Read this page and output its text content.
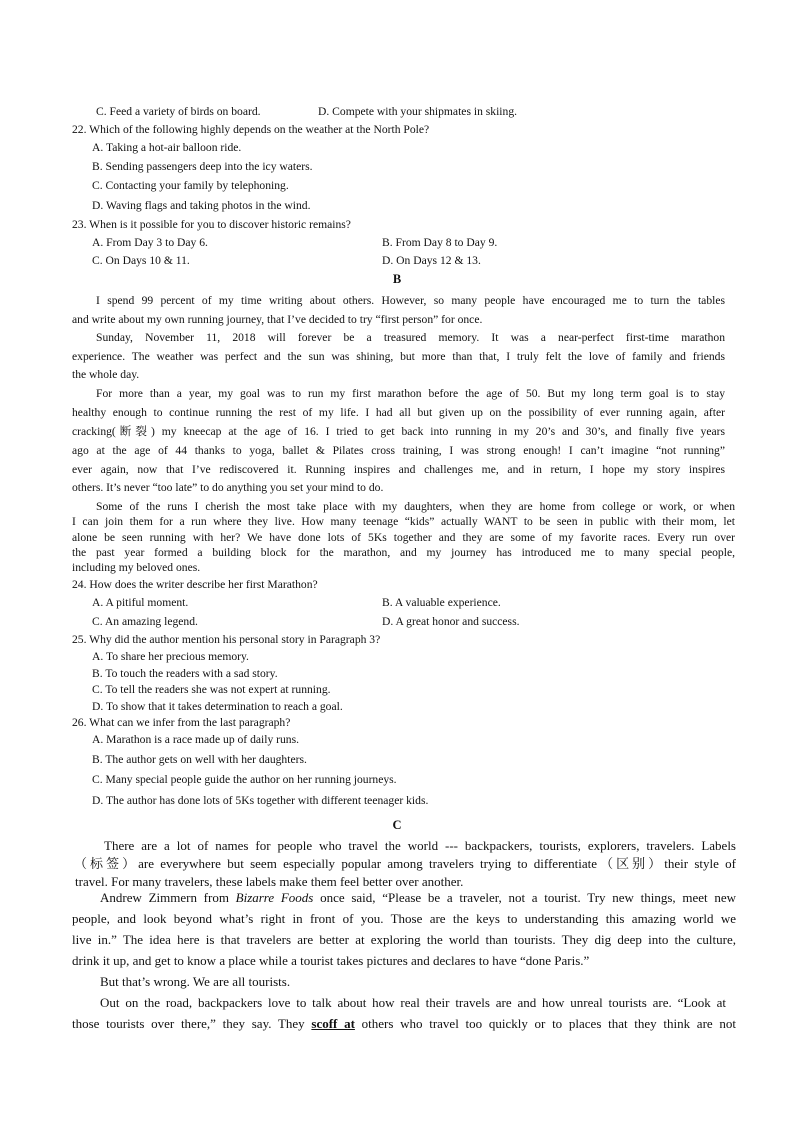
C. Feed a variety of birds on board.	D. Compete with your shipmates in skiing.
22. Which of the following highly depends on the weather at the North Pole?
A. Taking a hot-air balloon ride.
B. Sending passengers deep into the icy waters.
C. Contacting your family by telephoning.
D. Waving flags and taking photos in the wind.
23. When is it possible for you to discover historic remains?
A. From Day 3 to Day 6.	B. From Day 8 to Day 9.
C. On Days 10 & 11.	D. On Days 12 & 13.
B
I spend 99 percent of my time writing about others. However, so many people have encouraged me to turn the tables
and write about my own running journey, that I’ve decided to try “first person” for once.
Sunday, November 11, 2018 will forever be a treasured memory. It was a near-perfect first-time marathon
experience. The weather was perfect and the sun was shining, but more than that, I truly felt the love of family and friends
the whole day.
For more than a year, my goal was to run my first marathon before the age of 50. But my long term goal is to stay
healthy enough to continue running the rest of my life. I had all but given up on the possibility of ever running again, after
cracking(断裂) my kneecap at the age of 16. I tried to get back into running in my 20’s and 30’s, and finally five years
ago at the age of 44 thanks to yoga, ballet & Pilates cross training, I was strong enough! I can’t imagine “not running”
ever again, now that I’ve rediscovered it. Running inspires and challenges me, and in return, I hope my story inspires
others. It’s never “too late” to do anything you set your mind to do.
Some of the runs I cherish the most take place with my daughters, when they are home from college or work, or when
I can join them for a run where they live. How many teenage “kids” actually WANT to be seen in public with their mom, let
alone be seen running with her? We have done lots of 5Ks together and they are some of my favorite races. Every run over
the past year formed a building block for the marathon, and my journey has introduced me to many special people,
including my beloved ones.
24. How does the writer describe her first Marathon?
A. A pitiful moment.	B. A valuable experience.
C. An amazing legend.	D. A great honor and success.
25. Why did the author mention his personal story in Paragraph 3?
A. To share her precious memory.
B. To touch the readers with a sad story.
C. To tell the readers she was not expert at running.
D. To show that it takes determination to reach a goal.
26. What can we infer from the last paragraph?
A. Marathon is a race made up of daily runs.
B. The author gets on well with her daughters.
C. Many special people guide the author on her running journeys.
D. The author has done lots of 5Ks together with different teenager kids.
C
There are a lot of names for people who travel the world --- backpackers, tourists, explorers, travelers. Labels
（标签）are everywhere but seem especially popular among travelers trying to differentiate（区别）their style of
travel. For many travelers, these labels make them feel better over another.
Andrew Zimmern from Bizarre Foods once said, “Please be a traveler, not a tourist. Try new things, meet new
people, and look beyond what’s right in front of you. Those are the keys to understanding this amazing world we
live in.” The idea here is that travelers are better at exploring the world than tourists. They dig deep into the culture,
drink it up, and get to know a place while a tourist takes pictures and declares to have “done Paris.”
But that’s wrong. We are all tourists.
Out on the road, backpackers love to talk about how real their travels are and how unreal tourists are. “Look at
those tourists over there,” they say. They scoff at others who travel too quickly or to places that they think are not
